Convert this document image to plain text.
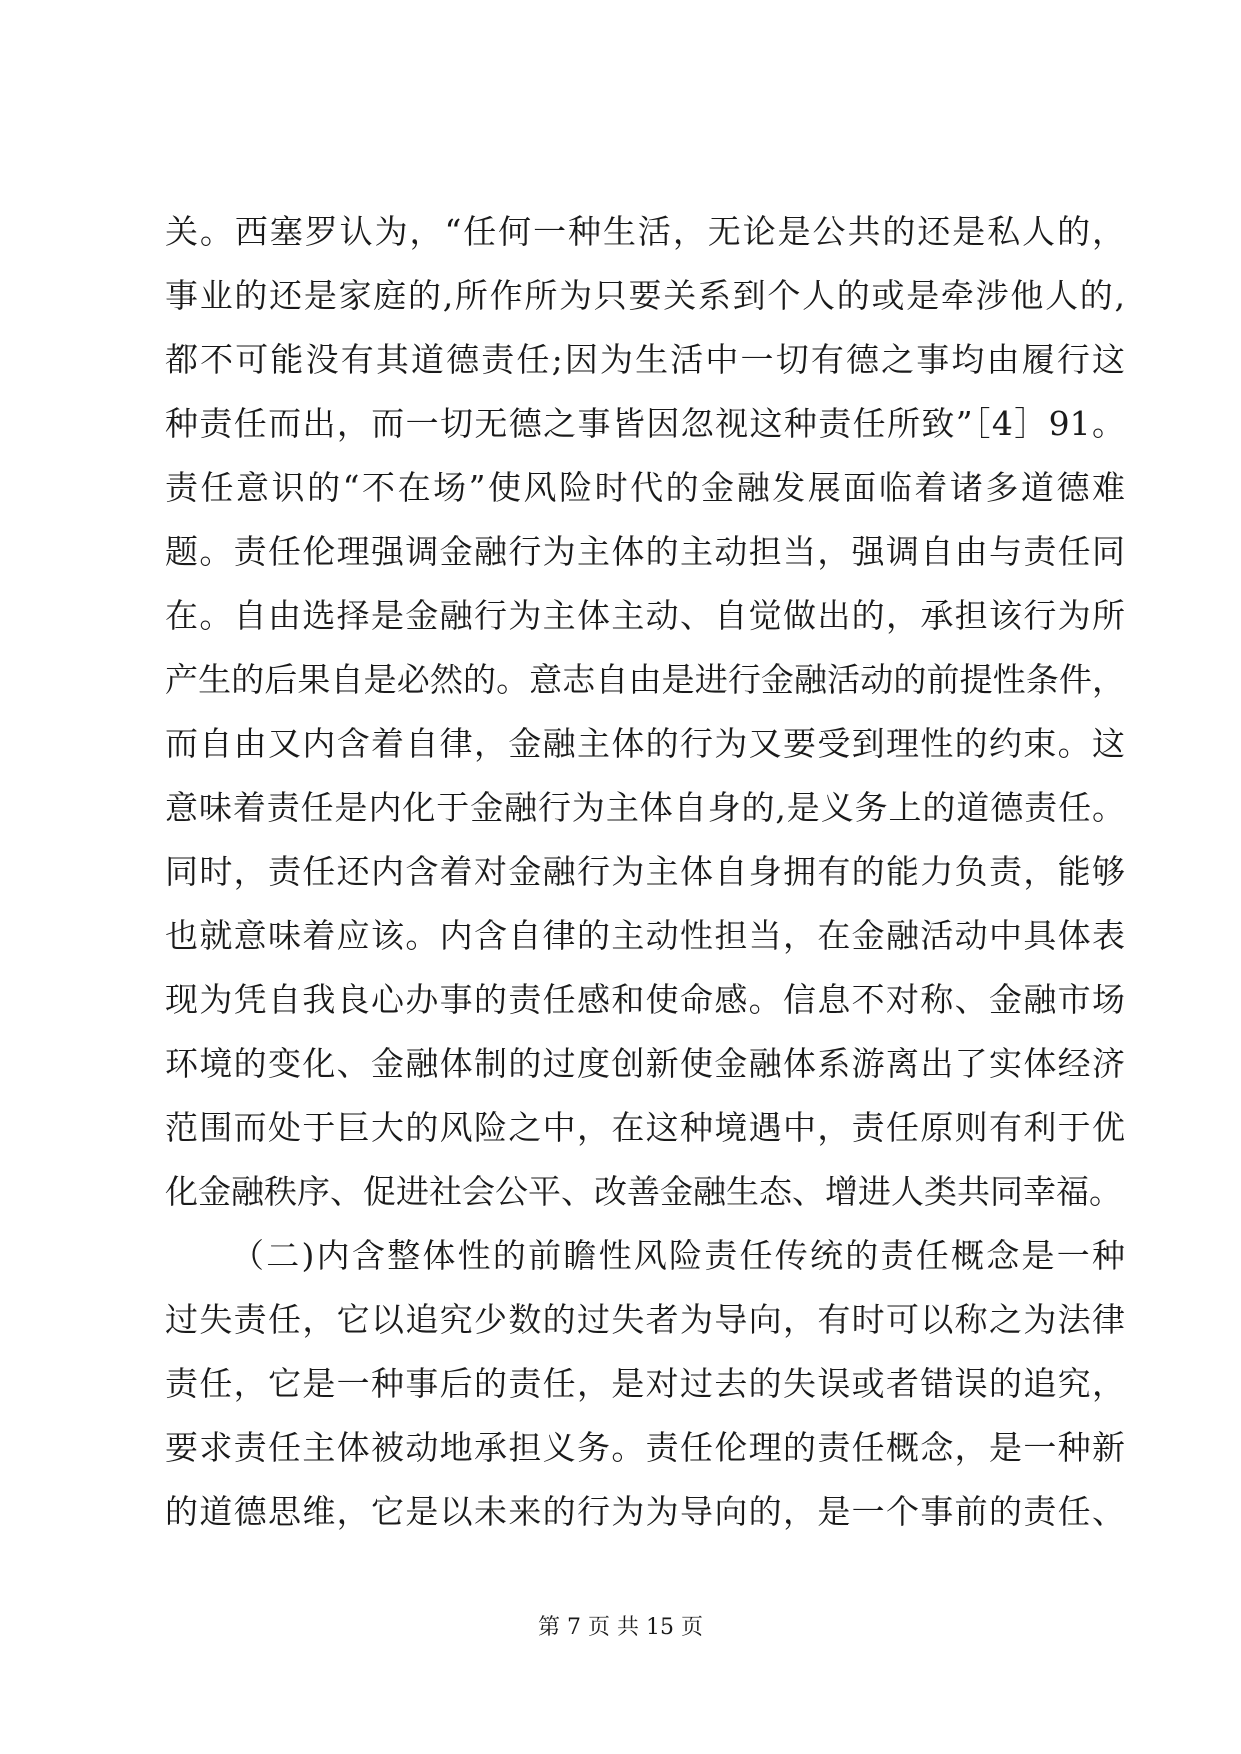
关。西塞罗认为，“任何一种生活，无论是公共的还是私人的，
事业的还是家庭的,所作所为只要关系到个人的或是牵涉他人的,
都不可能没有其道德责任;因为生活中一切有德之事均由履行这
种责任而出，而一切无德之事皆因忽视这种责任所致”［4］91。
责任意识的“不在场”使风险时代的金融发展面临着诸多道德难
题。责任伦理强调金融行为主体的主动担当，强调自由与责任同
在。自由选择是金融行为主体主动、自觉做出的，承担该行为所
产生的后果自是必然的。意志自由是进行金融活动的前提性条件，
而自由又内含着自律，金融主体的行为又要受到理性的约束。这
意味着责任是内化于金融行为主体自身的,是义务上的道德责任。
同时，责任还内含着对金融行为主体自身拥有的能力负责，能够
也就意味着应该。内含自律的主动性担当，在金融活动中具体表
现为凭自我良心办事的责任感和使命感。信息不对称、金融市场
环境的变化、金融体制的过度创新使金融体系游离出了实体经济
范围而处于巨大的风险之中，在这种境遇中，责任原则有利于优
化金融秩序、促进社会公平、改善金融生态、增进人类共同幸福。
（二)内含整体性的前瞻性风险责任传统的责任概念是一种
过失责任，它以追究少数的过失者为导向，有时可以称之为法律
责任，它是一种事后的责任，是对过去的失误或者错误的追究，
要求责任主体被动地承担义务。责任伦理的责任概念，是一种新
的道德思维，它是以未来的行为为导向的，是一个事前的责任、
第 7 页 共 15 页
